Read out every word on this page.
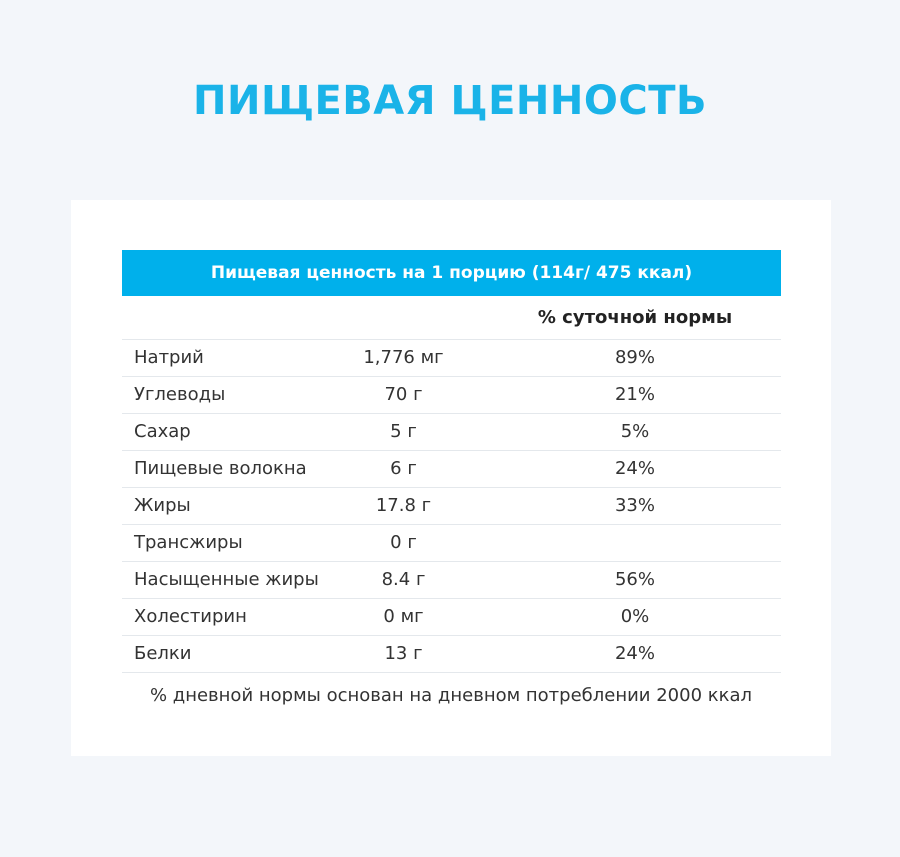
ПИЩЕВАЯ ЦЕННОСТЬ
Пищевая ценность на 1 порцию (114г/ 475 ккал)
% суточной нормы
Натрий	1,776 мг	89%
Углеводы	70 г	21%
Сахар	5 г	5%
Пищевые волокна	6 г	24%
Жиры	17.8 г	33%
Трансжиры	0 г
Насыщенные жиры	8.4 г	56%
Холестирин	0 мг	0%
Белки	13 г	24%
% дневной нормы основан на дневном потреблении 2000 ккал
